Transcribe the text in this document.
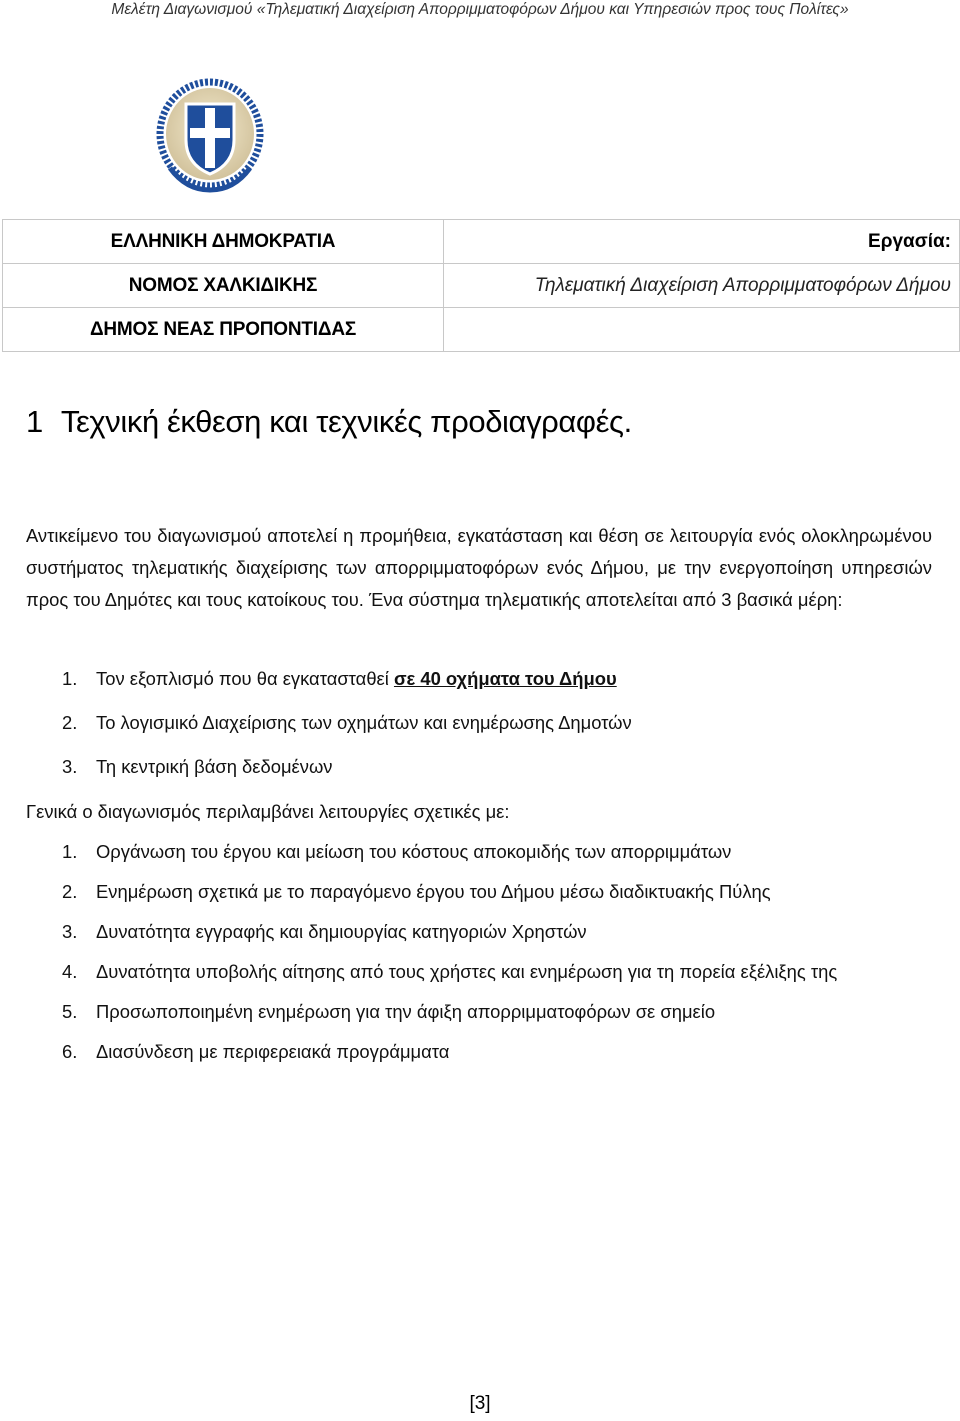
Μελέτη Διαγωνισμού «Τηλεματική Διαχείριση Απορριμματοφόρων Δήμου και Υπηρεσιών προς τους Πολίτες»
ΕΛΛΗΝΙΚΗ ΔΗΜΟΚΡΑΤΙΑ	Εργασία:
ΝΟΜΟΣ ΧΑΛΚΙΔΙΚΗΣ	Τηλεματική Διαχείριση Απορριμματοφόρων Δήμου
ΔΗΜΟΣ ΝΕΑΣ ΠΡΟΠΟΝΤΙΔΑΣ	
1 Τεχνική έκθεση και τεχνικές προδιαγραφές.

Αντικείμενο του διαγωνισμού αποτελεί η προμήθεια, εγκατάσταση και θέση σε λειτουργία ενός ολοκληρωμένου συστήματος τηλεματικής διαχείρισης των απορριμματοφόρων ενός Δήμου, με την ενεργοποίηση υπηρεσιών προς του Δημότες και τους κατοίκους του. Ένα σύστημα τηλεματικής αποτελείται από 3 βασικά μέρη:

1. Τον εξοπλισμό που θα εγκατασταθεί σε 40 οχήματα του Δήμου
2. Το λογισμικό Διαχείρισης των οχημάτων και ενημέρωσης Δημοτών
3. Τη κεντρική βάση δεδομένων

Γενικά ο διαγωνισμός περιλαμβάνει λειτουργίες σχετικές με:

1. Οργάνωση του έργου και μείωση του κόστους αποκομιδής των απορριμμάτων
2. Ενημέρωση σχετικά με το παραγόμενο έργου του Δήμου μέσω διαδικτυακής Πύλης
3. Δυνατότητα εγγραφής και δημιουργίας κατηγοριών Χρηστών
4. Δυνατότητα υποβολής αίτησης από τους χρήστες και ενημέρωση για τη πορεία εξέλιξης της
5. Προσωποποιημένη ενημέρωση για την άφιξη απορριμματοφόρων σε σημείο
6. Διασύνδεση με περιφερειακά προγράμματα
[3]
